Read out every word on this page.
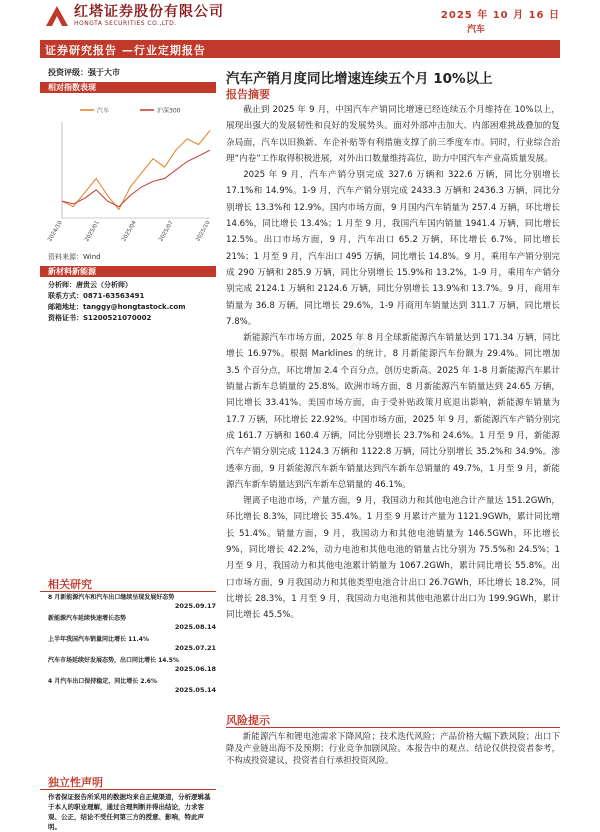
红塔证券股份有限公司
HONGTA SECURITIES CO.,LTD.
2025 年 10 月 16 日
汽车
证券研究报告 —行业定期报告
投资评级：强于大市
相对指数表现
汽车	沪深300
2024/10	2025/01	2025/04	2025/07	2025/10
资料来源：Wind
新材料新能源
分析师：唐贵云（分析师）
联系方式：0871-63563491
邮箱地址：tanggy@hongtastock.com
资格证书：S1200521070002
相关研究
8 月新能源汽车和汽车出口继续呈现发展好态势
2025.09.17
新能源汽车延续快速增长态势
2025.08.14
上半年我国汽车销量同比增长 11.4%
2025.07.21
汽车市场延续好发展态势，出口同比增长 14.5%
2025.06.18
4 月汽车出口保持稳定，同比增长 2.6%
2025.05.14
独立性声明
作者保证报告所采用的数据均来自正规渠道，分析逻辑基于本人的职业理解，通过合理判断并得出结论，力求客观、公正，结论不受任何第三方的授意、影响，特此声明。
汽车产销月度同比增速连续五个月 10%以上
报告摘要

截止到 2025 年 9 月，中国汽车产销同比增速已经连续五个月维持在 10%以上，展现出强大的发展韧性和良好的发展势头。面对外部冲击加大、内部困难挑战叠加的复杂局面，汽车以旧换新、车企补贴等有利措施支撑了前三季度车市。同时，行业综合治理“内卷”工作取得积极进展，对外出口数量维持高位，助力中国汽车产业高质量发展。

2025 年 9 月，汽车产销分别完成 327.6 万辆和 322.6 万辆，同比分别增长 17.1%和 14.9%。1-9 月，汽车产销分别完成 2433.3 万辆和 2436.3 万辆，同比分别增长 13.3%和 12.9%。国内市场方面，9 月国内汽车销量为 257.4 万辆，环比增长 14.6%，同比增长 13.4%；1 月至 9 月，我国汽车国内销量 1941.4 万辆，同比增长 12.5%。出口市场方面，9 月，汽车出口 65.2 万辆，环比增长 6.7%，同比增长 21%；1 月至 9 月，汽车出口 495 万辆，同比增长 14.8%。9 月，乘用车产销分别完成 290 万辆和 285.9 万辆，同比分别增长 15.9%和 13.2%，1-9 月，乘用车产销分别完成 2124.1 万辆和 2124.6 万辆，同比分别增长 13.9%和 13.7%。9 月，商用车销量为 36.8 万辆，同比增长 29.6%，1-9 月商用车销量达到 311.7 万辆，同比增长 7.8%。

新能源汽车市场方面，2025 年 8 月全球新能源汽车销量达到 171.34 万辆，同比增长 16.97%。根据 Marklines 的统计，8 月新能源汽车份额为 29.4%。同比增加 3.5 个百分点，环比增加 2.4 个百分点，创历史新高。2025 年 1-8 月新能源汽车累计销量占新车总销量的 25.8%。欧洲市场方面，8 月新能源汽车销量达到 24.65 万辆，同比增长 33.41%。美国市场方面，由于受补贴政策月底退出影响，新能源车销量为 17.7 万辆，环比增长 22.92%。中国市场方面，2025 年 9 月，新能源汽车产销分别完成 161.7 万辆和 160.4 万辆，同比分别增长 23.7%和 24.6%。1 月至 9 月，新能源汽车产销分别完成 1124.3 万辆和 1122.8 万辆，同比分别增长 35.2%和 34.9%。渗透率方面，9 月新能源汽车新车销量达到汽车新车总销量的 49.7%，1 月至 9 月，新能源汽车新车销量达到汽车新车总销量的 46.1%。

锂离子电池市场，产量方面，9 月，我国动力和其他电池合计产量达 151.2GWh，环比增长 8.3%，同比增长 35.4%。1 月至 9 月累计产量为 1121.9GWh，累计同比增长 51.4%。销量方面，9 月，我国动力和其他电池销量为 146.5GWh，环比增长 9%，同比增长 42.2%，动力电池和其他电池的销量占比分别为 75.5%和 24.5%；1 月至 9 月，我国动力和其他电池累计销量为 1067.2GWh，累计同比增长 55.8%。出口市场方面，9 月我国动力和其他类型电池合计出口 26.7GWh，环比增长 18.2%，同比增长 28.3%，1 月至 9 月，我国动力电池和其他电池累计出口为 199.9GWh，累计同比增长 45.5%。

风险提示
新能源汽车和锂电池需求下降风险；技术迭代风险；产品价格大幅下跌风险；出口下降及产业链出海不及预期；行业竞争加剧风险。本报告中的观点、结论仅供投资者参考，不构成投资建议，投资者自行承担投资风险。
yjiieshou
